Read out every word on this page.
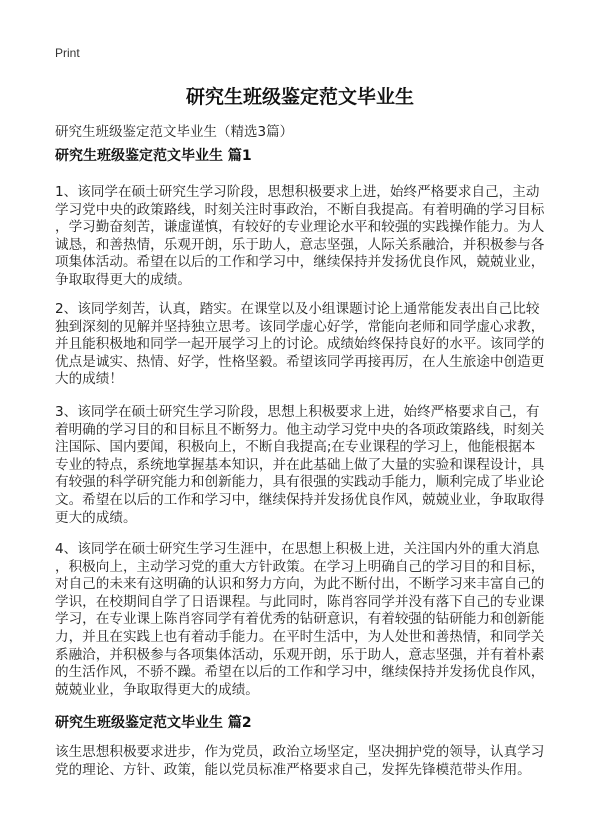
Print
研究生班级鉴定范文毕业生
研究生班级鉴定范文毕业生（精选3篇）
研究生班级鉴定范文毕业生 篇1
1、该同学在硕士研究生学习阶段，思想积极要求上进，始终严格要求自己，主动
学习党中央的政策路线，时刻关注时事政治，不断自我提高。有着明确的学习目标
，学习勤奋刻苦，谦虚谨慎，有较好的专业理论水平和较强的实践操作能力。为人
诚恳，和善热情，乐观开朗，乐于助人，意志坚强，人际关系融洽，并积极参与各
项集体活动。希望在以后的工作和学习中，继续保持并发扬优良作风，兢兢业业，
争取取得更大的成绩。
2、该同学刻苦，认真，踏实。在课堂以及小组课题讨论上通常能发表出自己比较
独到深刻的见解并坚持独立思考。该同学虚心好学，常能向老师和同学虚心求教，
并且能积极地和同学一起开展学习上的讨论。成绩始终保持良好的水平。该同学的
优点是诚实、热情、好学，性格坚毅。希望该同学再接再厉，在人生旅途中创造更
大的成绩！
3、该同学在硕士研究生学习阶段，思想上积极要求上进，始终严格要求自己，有
着明确的学习目的和目标且不断努力。他主动学习党中央的各项政策路线，时刻关
注国际、国内要闻，积极向上，不断自我提高;在专业课程的学习上，他能根据本
专业的特点，系统地掌握基本知识，并在此基础上做了大量的实验和课程设计，具
有较强的科学研究能力和创新能力，具有很强的实践动手能力，顺利完成了毕业论
文。希望在以后的工作和学习中，继续保持并发扬优良作风，兢兢业业，争取取得
更大的成绩。
4、该同学在硕士研究生学习生涯中，在思想上积极上进，关注国内外的重大消息
，积极向上，主动学习党的重大方针政策。在学习上明确自己的学习目的和目标，
对自己的未来有这明确的认识和努力方向，为此不断付出，不断学习来丰富自己的
学识，在校期间自学了日语课程。与此同时，陈肖容同学并没有落下自己的专业课
学习，在专业课上陈肖容同学有着优秀的钻研意识，有着较强的钻研能力和创新能
力，并且在实践上也有着动手能力。在平时生活中，为人处世和善热情，和同学关
系融洽，并积极参与各项集体活动，乐观开朗，乐于助人，意志坚强，并有着朴素
的生活作风，不骄不躁。希望在以后的工作和学习中，继续保持并发扬优良作风，
兢兢业业，争取取得更大的成绩。
研究生班级鉴定范文毕业生 篇2
该生思想积极要求进步，作为党员，政治立场坚定，坚决拥护党的领导，认真学习
党的理论、方针、政策，能以党员标准严格要求自己，发挥先锋模范带头作用。
